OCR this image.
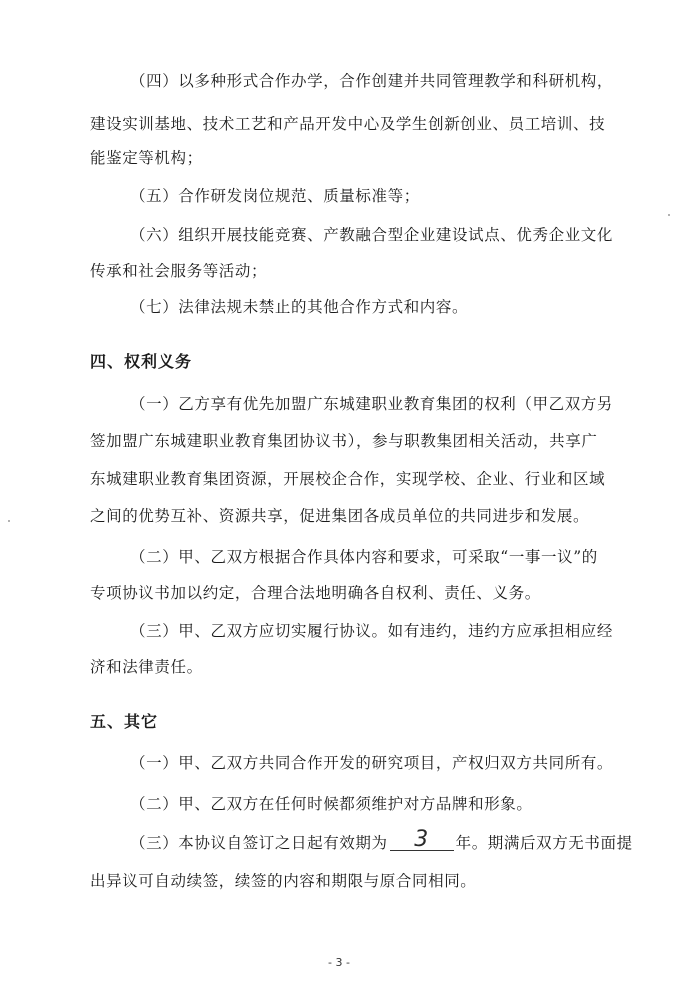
（四）以多种形式合作办学，合作创建并共同管理教学和科研机构，
建设实训基地、技术工艺和产品开发中心及学生创新创业、员工培训、技
能鉴定等机构；
（五）合作研发岗位规范、质量标准等；
（六）组织开展技能竞赛、产教融合型企业建设试点、优秀企业文化
传承和社会服务等活动；
（七）法律法规未禁止的其他合作方式和内容。
四、权利义务
（一）乙方享有优先加盟广东城建职业教育集团的权利（甲乙双方另
签加盟广东城建职业教育集团协议书），参与职教集团相关活动，共享广
东城建职业教育集团资源，开展校企合作，实现学校、企业、行业和区域
之间的优势互补、资源共享，促进集团各成员单位的共同进步和发展。
（二）甲、乙双方根据合作具体内容和要求，可采取“一事一议”的
专项协议书加以约定，合理合法地明确各自权利、责任、义务。
（三）甲、乙双方应切实履行协议。如有违约，违约方应承担相应经
济和法律责任。
五、其它
（一）甲、乙双方共同合作开发的研究项目，产权归双方共同所有。
（二）甲、乙双方在任何时候都须维护对方品牌和形象。
（三）本协议自签订之日起有效期为 3 年。期满后双方无书面提
出异议可自动续签，续签的内容和期限与原合同相同。
- 3 -
